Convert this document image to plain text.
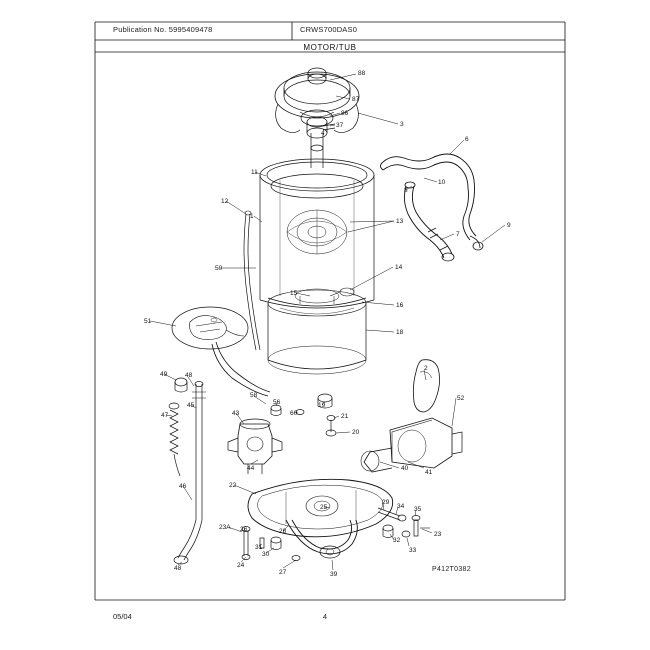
Publication No. 5995409478	CRWS700DAS0
MOTOR/TUB
88
87
86
3
37
4
6
10
8
11
12
9
13
7
1
50	14
15
16
18
51
2
49	48
52
47
45
43
58
56
60
19
21
20
44
46
40
41
22
25
29
34 35
23
32
33
23A 26	28
31
30
24
27	39
48	P412T0382
05/04	4
